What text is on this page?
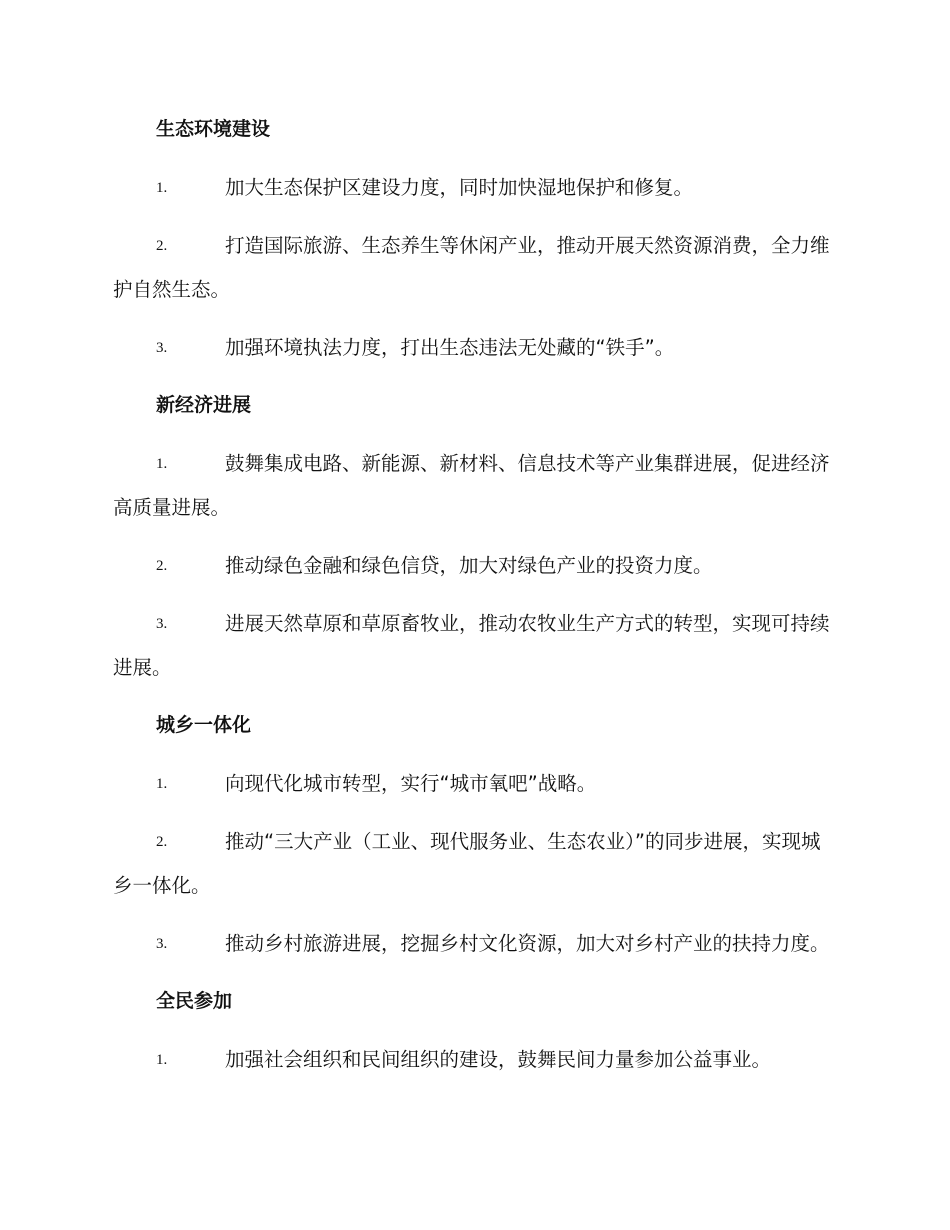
生态环境建设
1.	加大生态保护区建设力度，同时加快湿地保护和修复。
2.	打造国际旅游、生态养生等休闲产业，推动开展天然资源消费，全力维护自然生态。
3.	加强环境执法力度，打出生态违法无处藏的“铁手”。
新经济进展
1.	鼓舞集成电路、新能源、新材料、信息技术等产业集群进展，促进经济高质量进展。
2.	推动绿色金融和绿色信贷，加大对绿色产业的投资力度。
3.	进展天然草原和草原畜牧业，推动农牧业生产方式的转型，实现可持续进展。
城乡一体化
1.	向现代化城市转型，实行“城市氧吧”战略。
2.	推动“三大产业（工业、现代服务业、生态农业）”的同步进展，实现城乡一体化。
3.	推动乡村旅游进展，挖掘乡村文化资源，加大对乡村产业的扶持力度。
全民参加
1.	加强社会组织和民间组织的建设，鼓舞民间力量参加公益事业。
